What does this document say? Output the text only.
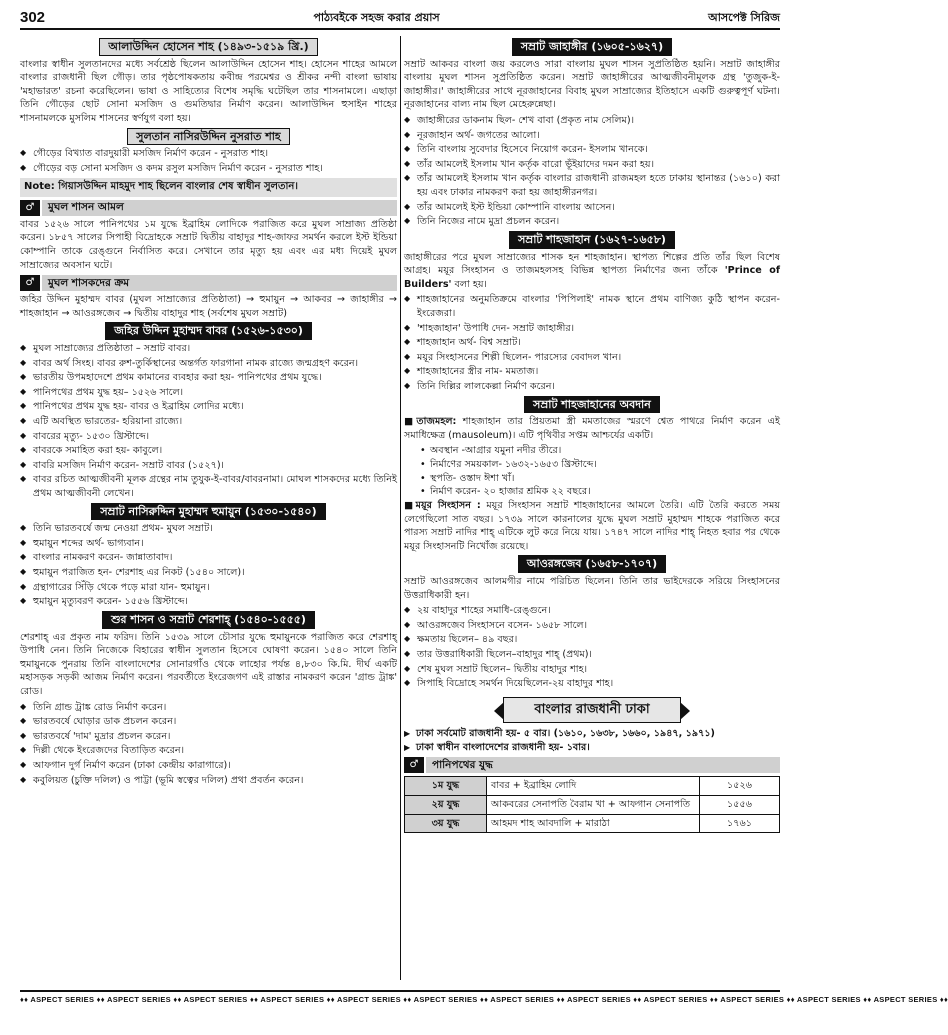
302	পাঠ্যবইকে সহজ করার প্রয়াস	আসপেক্ট সিরিজ
আলাউদ্দিন হোসেন শাহ (১৪৯৩-১৫১৯ খ্রি.)

বাংলার স্বাধীন সুলতানদের মধ্যে সর্বশ্রেষ্ঠ ছিলেন আলাউদ্দিন হোসেন শাহ। হোসেন শাহের আমলে বাংলার রাজধানী ছিল গৌড়। তার পৃষ্ঠপোষকতায় কবীন্দ্র পরমেশ্বর ও শ্রীকর নন্দী বাংলা ভাষায় 'মহাভারত' রচনা করেছিলেন। ভাষা ও সাহিত্যের বিশেষ সমৃদ্ধি ঘটেছিল তার শাসনামলে। এছাড়া তিনি গৌড়ের ছোট সোনা মসজিদ ও গুমতিদ্বার নির্মাণ করেন। আলাউদ্দিন হুসাইন শাহের শাসনামলকে মুসলিম শাসনের স্বর্ণযুগ বলা হয়।

সুলতান নাসিরউদ্দিন নুসরাত শাহ
◆ গৌড়ের বিখ্যাত বারদুয়ারী মসজিদ নির্মাণ করেন - নুসরাত শাহ।
◆ গৌড়ের বড় সোনা মসজিদ ও কদম রসুল মসজিদ নির্মাণ করেন - নুসরাত শাহ।
Note: গিয়াসউদ্দিন মাহমুদ শাহ ছিলেন বাংলার শেষ স্বাধীন সুলতান।
♂	মুঘল শাসন আমল

বাবর ১৫২৬ সালে পানিপথের ১ম যুদ্ধে ইব্রাহিম লোদিকে পরাজিত করে মুঘল সাম্রাজ্য প্রতিষ্ঠা করেন। ১৮৫৭ সালের সিপাহী বিদ্রোহকে সম্রাট দ্বিতীয় বাহাদুর শাহ-জাফর সমর্থন করলে ইস্ট ইন্ডিয়া কোম্পানি তাকে রেঙ্গুনে নির্বাসিত করে। সেখানে তার মৃত্যু হয় এবং এর মধ্য দিয়েই মুঘল সাম্রাজ্যের অবসান ঘটে।

♂	মুঘল শাসকদের ক্রম

জহির উদ্দিন মুহাম্মদ বাবর (মুঘল সাম্রাজ্যের প্রতিষ্ঠাতা) → হুমায়ুন → আকবর → জাহাঙ্গীর → শাহজাহান → আওরঙ্গজেব → দ্বিতীয় বাহাদুর শাহ (সর্বশেষ মুঘল সম্রাট)

জহির উদ্দিন মুহাম্মদ বাবর (১৫২৬-১৫৩০)
◆ মুঘল সাম্রাজ্যের প্রতিষ্ঠাতা – সম্রাট বাবর।
◆ বাবর অর্থ সিংহ। বাবর রুশ-তুর্কিস্থানের অন্তর্গত ফারগানা নামক রাজ্যে জন্মগ্রহণ করেন।
◆ ভারতীয় উপমহাদেশে প্রথম কামানের ব্যবহার করা হয়- পানিপথের প্রথম যুদ্ধে।
◆ পানিপথের প্রথম যুদ্ধ হয়– ১৫২৬ সালে।
◆ পানিপথের প্রথম যুদ্ধ হয়- বাবর ও ইব্রাহিম লোদির মধ্যে।
◆ এটি অবস্থিত ভারতের- হরিয়ানা রাজ্যে।
◆ বাবরের মৃত্যু- ১৫৩০ খ্রিস্টাব্দে।
◆ বাবরকে সমাহিত করা হয়- কাবুলে।
◆ বাবরি মসজিদ নির্মাণ করেন- সম্রাট বাবর (১৫২৭)।
◆ বাবর রচিত আত্মজীবনী মূলক গ্রন্থের নাম তুযুক-ই-বাবর/বাবরনামা। মোঘল শাসকদের মধ্যে তিনিই প্রথম আত্মজীবনী লেখেন।
সম্রাট নাসিরুদ্দিন মুহাম্মদ হুমায়ুন (১৫৩০-১৫৪০)
◆ তিনি ভারতবর্ষে জন্ম নেওয়া প্রথম- মুঘল সম্রাট।
◆ হুমায়ুন শব্দের অর্থ- ভাগ্যবান।
◆ বাংলার নামকরণ করেন- জান্নাতাবাদ।
◆ হুমায়ুন পরাজিত হন- শেরশাহ এর নিকট (১৫৪০ সালে)।
◆ গ্রন্থাগারের সিঁড়ি থেকে পড়ে মারা যান- হুমায়ুন।
◆ হুমায়ুন মৃত্যুবরণ করেন- ১৫৫৬ খ্রিস্টাব্দে।
শুর শাসন ও সম্রাট শেরশাহ্‌ (১৫৪০-১৫৫৫)

শেরশাহ্‌ এর প্রকৃত নাম ফরিদ। তিনি ১৫৩৯ সালে চৌসার যুদ্ধে হুমায়ুনকে পরাজিত করে শেরশাহ্‌ উপাধি নেন। তিনি নিজেকে বিহারের স্বাধীন সুলতান হিসেবে ঘোষণা করেন। ১৫৪০ সালে তিনি হুমায়ুনকে পুনরায় তিনি বাংলাদেশের সোনারগাঁও থেকে লাহোর পর্যন্ত ৪,৮৩০ কি.মি. দীর্ঘ একটি মহাসড়ক সড়কী আজম নির্মাণ করেন। পরবর্তীতে ইংরেজগণ এই রাস্তার নামকরণ করেন 'গ্রান্ড ট্রাঙ্ক' রোড।

◆ তিনি গ্রান্ড ট্রাঙ্ক রোড নির্মাণ করেন।
◆ ভারতবর্ষে ঘোড়ার ডাক প্রচলন করেন।
◆ ভারতবর্ষে 'দাম' মুদ্রার প্রচলন করেন।
◆ দিল্লী থেকে ইংরেজদের বিতাড়িত করেন।
◆ আফগান দুর্গ নির্মাণ করেন (ঢাকা কেন্দ্রীয় কারাগারে)।
◆ কবুলিয়ত (চুক্তি দলিল) ও পাট্টা (ভূমি স্বত্বের দলিল) প্রথা প্রবর্তন করেন।
সম্রাট জাহাঙ্গীর (১৬০৫-১৬২৭)

সম্রাট আকবর বাংলা জয় করলেও সারা বাংলায় মুঘল শাসন সুপ্রতিষ্ঠিত হয়নি। সম্রাট জাহাঙ্গীর বাংলায় মুঘল শাসন সুপ্রতিষ্ঠিত করেন। সম্রাট জাহাঙ্গীরের আত্মজীবনীমূলক গ্রন্থ 'তুজুক-ই-জাহাঙ্গীর।' জাহাঙ্গীরের সাথে নূরজাহানের বিবাহ মুঘল সাম্রাজ্যের ইতিহাসে একটি গুরুত্বপূর্ণ ঘটনা। নূরজাহানের বাল্য নাম ছিল মেহেরুন্নেছা।

◆ জাহাঙ্গীরের ডাকনাম ছিল- শেখ বাবা (প্রকৃত নাম সেলিম)।
◆ নূরজাহান অর্থ- জগতের আলো।
◆ তিনি বাংলায় সুবেদার হিসেবে নিয়োগ করেন- ইসলাম খানকে।
◆ তাঁর আমলেই ইসলাম খান কর্তৃক বারো ভূঁইয়াদের দমন করা হয়।
◆ তাঁর আমলেই ইসলাম খান কর্তৃক বাংলার রাজধানী রাজমহল হতে ঢাকায় স্থানান্তর (১৬১০) করা হয় এবং ঢাকার নামকরণ করা হয় জাহাঙ্গীরনগর।
◆ তাঁর আমলেই ইস্ট ইন্ডিয়া কোম্পানি বাংলায় আসেন।
◆ তিনি নিজের নামে মুদ্রা প্রচলন করেন।
সম্রাট শাহজাহান (১৬২৭-১৬৫৮)

জাহাঙ্গীরের পরে মুঘল সাম্রাজ্যের শাসক হন শাহজাহান। স্থাপত্য শিল্পের প্রতি তাঁর ছিল বিশেষ আগ্রহ। ময়ূর সিংহাসন ও তাজমহলসহ বিভিন্ন স্থাপত্য নির্মাণের জন্য তাঁকে 'Prince of Builders' বলা হয়।

◆ শাহজাহানের অনুমতিক্রমে বাংলার 'পিপিলাই' নামক স্থানে প্রথম বাণিজ্য কুঠি স্থাপন করেন- ইংরেজরা।
◆ 'শাহজাহান' উপাধি দেন- সম্রাট জাহাঙ্গীর।
◆ শাহজাহান অর্থ- বিশ্ব সম্রাট।
◆ ময়ূর সিংহাসনের শিল্পী ছিলেন- পারস্যের বেবাদল খান।
◆ শাহজাহানের স্ত্রীর নাম- মমতাজ।
◆ তিনি দিল্লির লালকেল্লা নির্মাণ করেন।
সম্রাট শাহজাহানের অবদান

■ তাজমহল: শাহজাহান তার প্রিয়তমা স্ত্রী মমতাজের স্মরণে শ্বেত পাথরে নির্মাণ করেন এই সমাধিক্ষেত্র (mausoleum)। এটি পৃথিবীর সপ্তম আশ্চর্যের একটি।

• অবস্থান -আগ্রার যমুনা নদীর তীরে।
• নির্মাণের সময়কাল- ১৬৩২-১৬৫৩ খ্রিস্টাব্দে।
• স্থপতি- ওস্তাদ ঈশা খাঁ।
• নির্মাণ করেন- ২০ হাজার শ্রমিক ২২ বছরে।

■ ময়ূর সিংহাসন : ময়ূর সিংহাসন সম্রাট শাহজাহানের আমলে তৈরি। এটি তৈরি করতে সময় লেগেছিলো সাত বছর। ১৭৩৯ সালে কারনালের যুদ্ধে মুঘল সম্রাট মুহাম্মদ শাহকে পরাজিত করে পারস্য সম্রাট নাদির শাহ্‌ এটিকে লুট করে নিয়ে যায়। ১৭৪৭ সালে নাদির শাহ্‌ নিহত হবার পর থেকে ময়ূর সিংহাসনটি নিখোঁজ রয়েছে।

আওরঙ্গজেব (১৬৫৮-১৭০৭)

সম্রাট আওরঙ্গজেব আলমগীর নামে পরিচিত ছিলেন। তিনি তার ভাইদেরকে সরিয়ে সিংহাসনের উত্তরাধিকারী হন।

◆ ২য় বাহাদুর শাহের সমাধি-রেঙ্গুনে।
◆ আওরঙ্গজেব সিংহাসনে বসেন- ১৬৫৮ সালে।
◆ ক্ষমতায় ছিলেন– ৪৯ বছর।
◆ তার উত্তরাধিকারী ছিলেন–বাহাদুর শাহ্‌ (প্রথম)।
◆ শেষ মুঘল সম্রাট ছিলেন– দ্বিতীয় বাহাদুর শাহ।
◆ সিপাহি বিদ্রোহে সমর্থন দিয়েছিলেন-২য় বাহাদুর শাহ।
বাংলার রাজধানী ঢাকা
▶ ঢাকা সর্বমোট রাজধানী হয়- ৫ বার। (১৬১০, ১৬৩৮, ১৬৬০, ১৯৪৭, ১৯৭১)
▶ ঢাকা স্বাধীন বাংলাদেশের রাজধানী হয়- ১বার।
♂	পানিপথের যুদ্ধ
১ম যুদ্ধ	বাবর + ইব্রাহিম লোদি	১৫২৬
২য় যুদ্ধ	আকবরের সেনাপতি বৈরাম খা + আফগান সেনাপতি	১৫৫৬
৩য় যুদ্ধ	আহমদ শাহ আবদালি + মারাঠা	১৭৬১
♦♦ ASPECT SERIES ♦♦ ASPECT SERIES ♦♦ ASPECT SERIES ♦♦ ASPECT SERIES ♦♦ ASPECT SERIES ♦♦ ASPECT SERIES ♦♦ ASPECT SERIES ♦♦ ASPECT SERIES ♦♦ ASPECT SERIES ♦♦ ASPECT SERIES ♦♦ ASPECT SERIES ♦♦ ASPECT SERIES ♦♦
